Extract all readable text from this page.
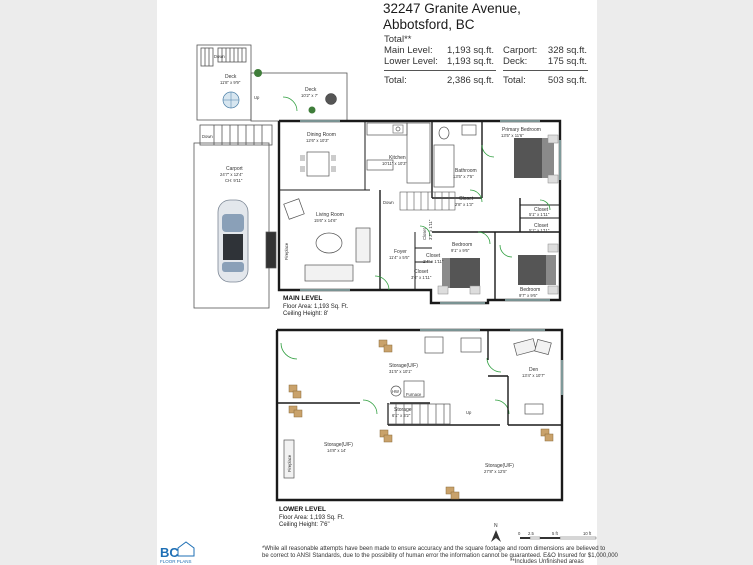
32247 Granite Avenue,
Abbotsford, BC
Total**
Main Level:	1,193 sq.ft. Carport:	328 sq.ft.
Lower Level: 1,193 sq.ft. Deck:	175 sq.ft.
Total:	2,386 sq.ft. Total:	503 sq.ft.
Down
Deck
11'8" x 9'9"
Deck
10'2" x 7'
Up
Down
Carport
24'7" x 12'4"
CH: 9'11"
Dining Room
12'6" x 10'3"
Kitchen
10'11" x 10'3"
Bathroom
13'5" x 7'5"
Primary Bedroom
13'5" x 11'6"
Closet
2'8" x 1'3"
Down
Living Room
15'6" x 14'6"
Fireplace	Foyer
11'4" x 5'6"
Closet
3'6" x 1'11"
Closet
2'4" x 1'11"
Closet 3'2" x 1'11"
Bedroom
9'1" x 9'6"
Closet
5'1" x 1'11"
Closet
5'1" x 1'11"
Bedroom
9'7" x 9'6"
MAIN LEVEL
Floor Area: 1,193 Sq. Ft.
Ceiling Height: 8'
Storage(U/F)
31'5" x 10'1"	Den
13'4" x 10'7"
HW
Furnace
Storage
6'1" x 3'2"
Up
Storage(U/F)
14'8" x 14'
Fireplace	Storage(U/F)
27'8" x 12'5"
LOWER LEVEL
Floor Area: 1,193 Sq. Ft.
Ceiling Height: 7'6"	N
0 2.5	5 ft	10 ft
BC
FLOOR PLANS
*While all reasonable attempts have been made to ensure accuracy and the square footage and room dimensions are believed to
be correct to ANSI Standards, due to the possibility of human error the information cannot be guaranteed. E&O Insured for $1,000,000
**Includes Unfinished areas
